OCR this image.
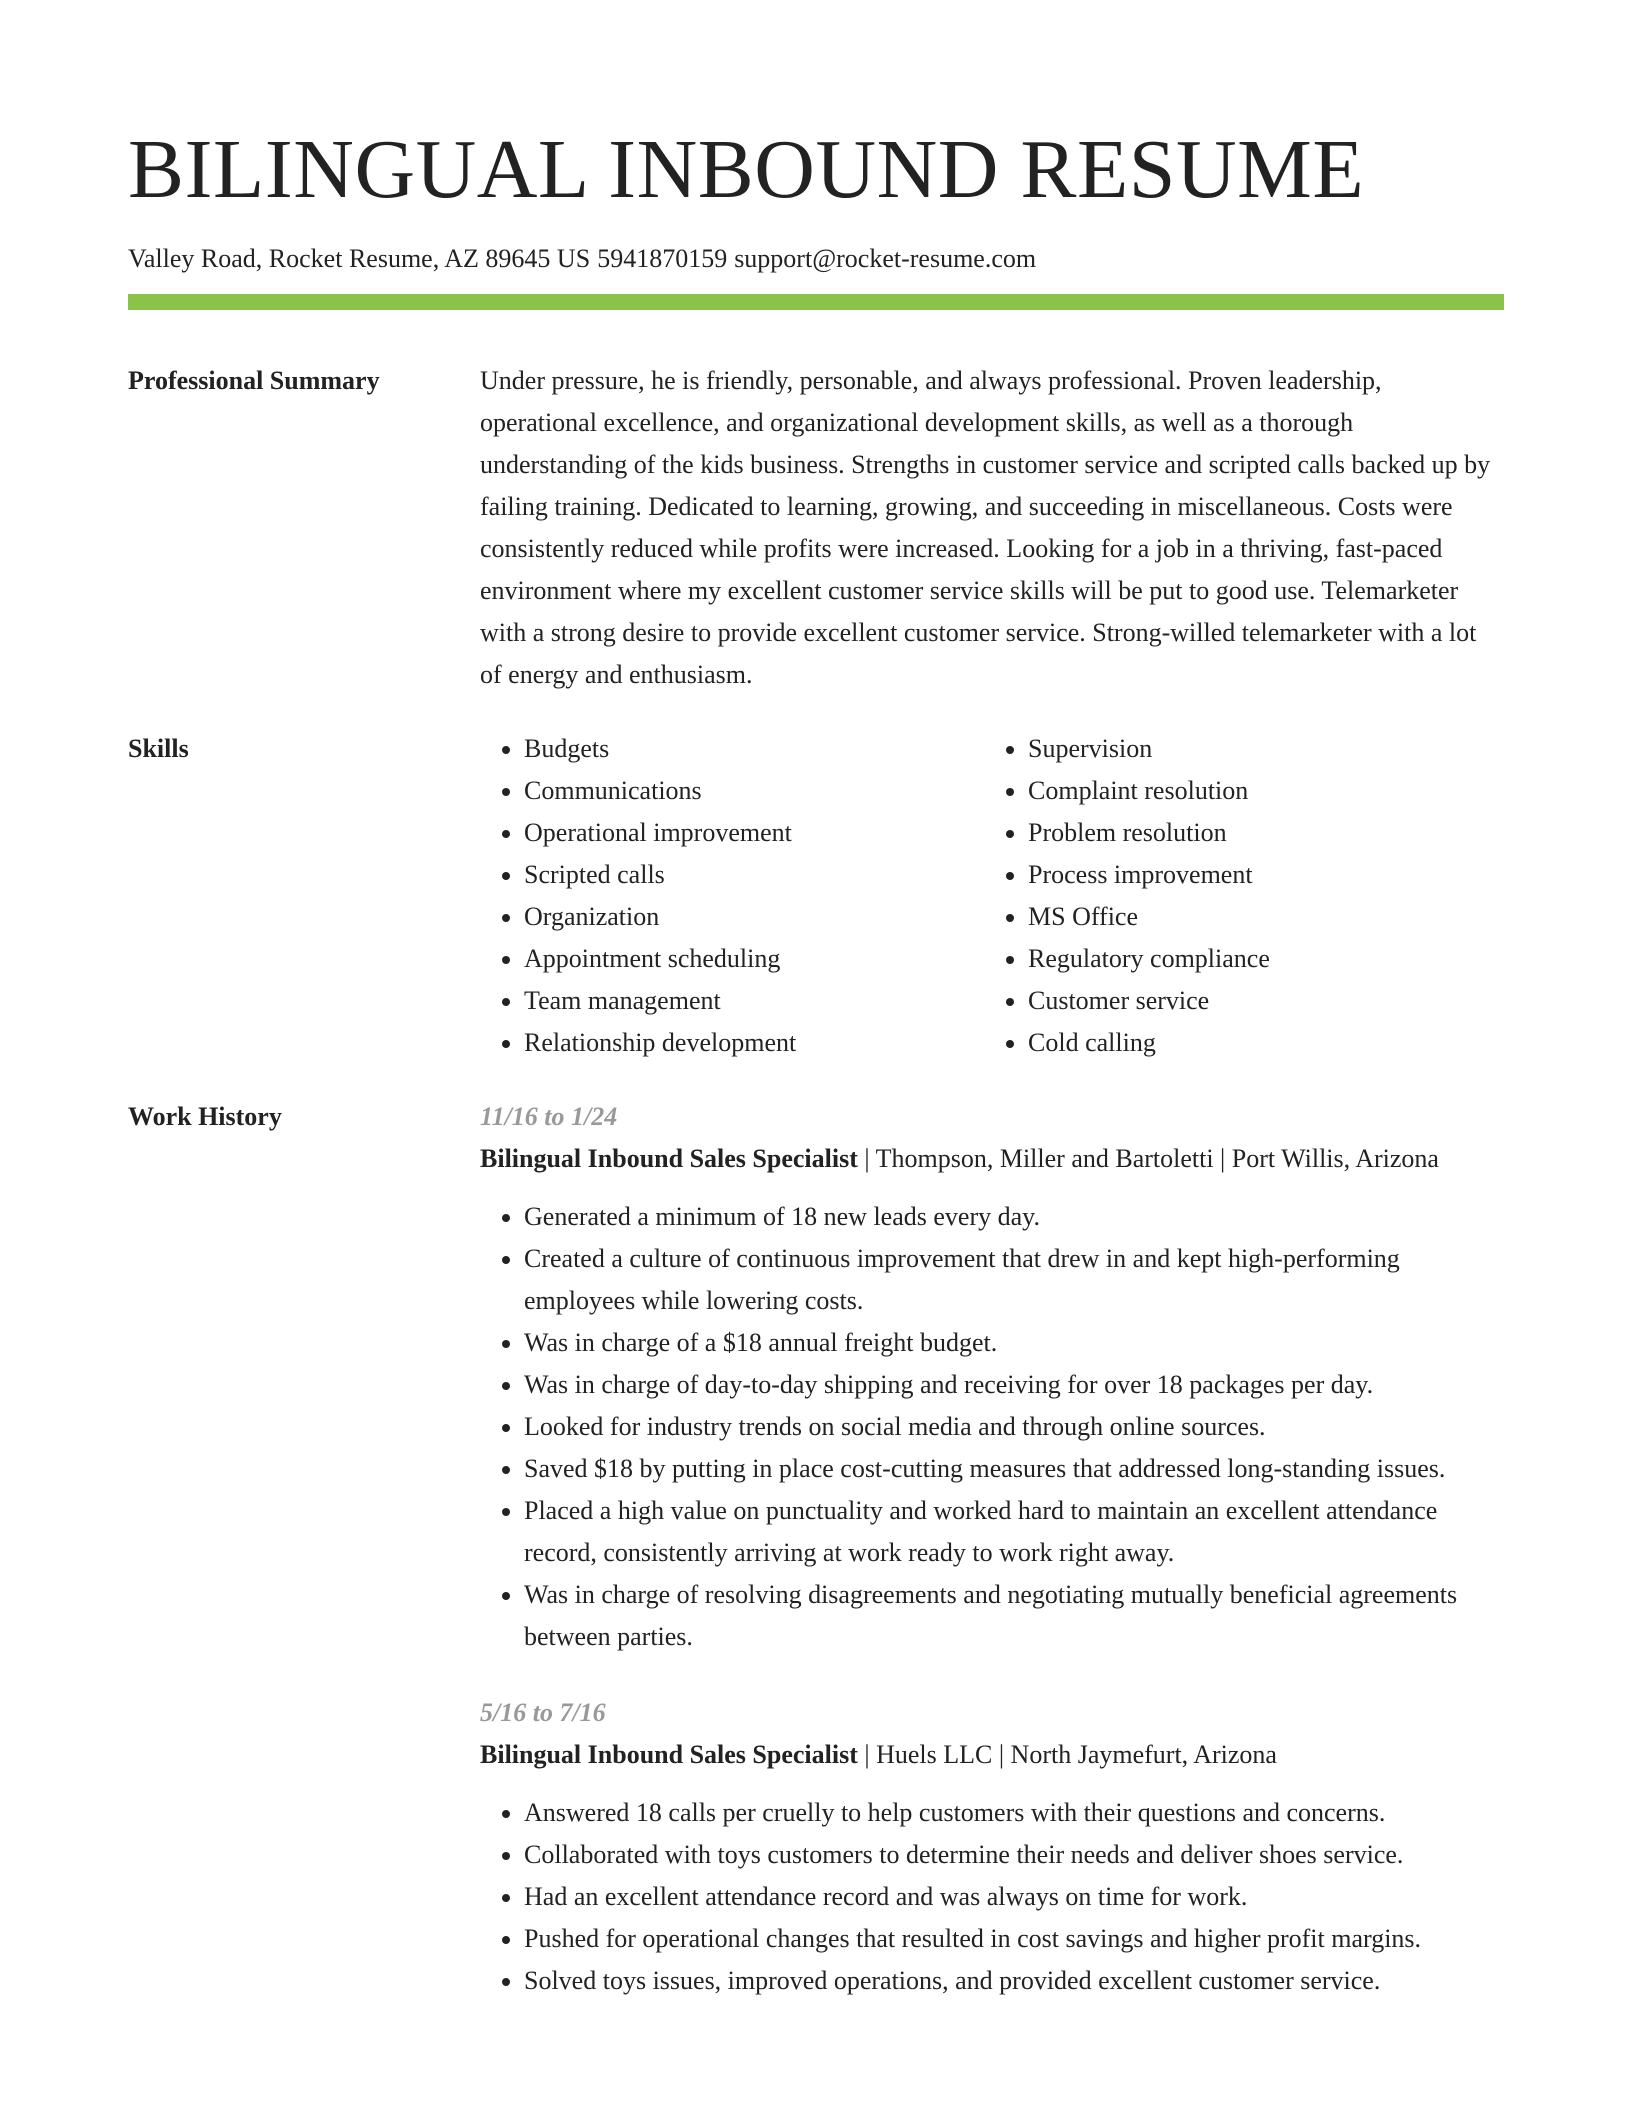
BILINGUAL INBOUND RESUME
Valley Road, Rocket Resume, AZ 89645 US 5941870159 support@rocket-resume.com
Professional Summary	Under pressure, he is friendly, personable, and always professional. Proven leadership, operational excellence, and organizational development skills, as well as a thorough understanding of the kids business. Strengths in customer service and scripted calls backed up by failing training. Dedicated to learning, growing, and succeeding in miscellaneous. Costs were consistently reduced while profits were increased. Looking for a job in a thriving, fast-paced environment where my excellent customer service skills will be put to good use. Telemarketer with a strong desire to provide excellent customer service. Strong-willed telemarketer with a lot of energy and enthusiasm.
Skills
•	Budgets
• Communications
• Operational improvement
• Scripted calls
• Organization
• Appointment scheduling
• Team management
• Relationship development
• Supervision
• Complaint resolution
• Problem resolution
• Process improvement
• MS Office
• Regulatory compliance
• Customer service
• Cold calling
Work History	11/16 to 1/24
Bilingual Inbound Sales Specialist | Thompson, Miller and Bartoletti | Port Willis, Arizona
• Generated a minimum of 18 new leads every day.
• Created a culture of continuous improvement that drew in and kept high-performing employees while lowering costs.
• Was in charge of a $18 annual freight budget.
• Was in charge of day-to-day shipping and receiving for over 18 packages per day.
• Looked for industry trends on social media and through online sources.
• Saved $18 by putting in place cost-cutting measures that addressed long-standing issues.
• Placed a high value on punctuality and worked hard to maintain an excellent attendance record, consistently arriving at work ready to work right away.
• Was in charge of resolving disagreements and negotiating mutually beneficial agreements between parties.
5/16 to 7/16
Bilingual Inbound Sales Specialist | Huels LLC | North Jaymefurt, Arizona
• Answered 18 calls per cruelly to help customers with their questions and concerns.
• Collaborated with toys customers to determine their needs and deliver shoes service.
• Had an excellent attendance record and was always on time for work.
• Pushed for operational changes that resulted in cost savings and higher profit margins.
• Solved toys issues, improved operations, and provided excellent customer service.
